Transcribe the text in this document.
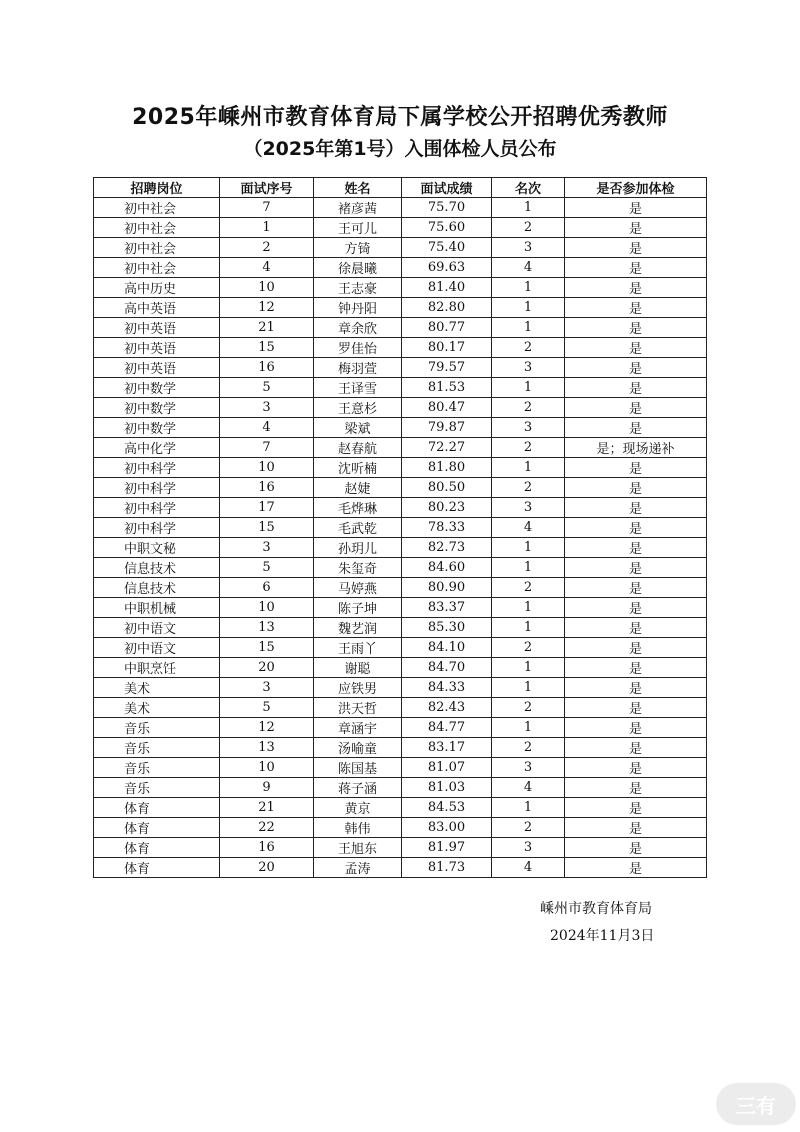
2025年嵊州市教育体育局下属学校公开招聘优秀教师
（2025年第1号）入围体检人员公布
招聘岗位	面试序号	姓名	面试成绩	名次	是否参加体检
初中社会	7	褚彦茜	75.70	1	是
初中社会	1	王可儿	75.60	2	是
初中社会	2	方锜	75.40	3	是
初中社会	4	徐晨曦	69.63	4	是
高中历史	10	王志豪	81.40	1	是
高中英语	12	钟丹阳	82.80	1	是
初中英语	21	章余欣	80.77	1	是
初中英语	15	罗佳怡	80.17	2	是
初中英语	16	梅羽萱	79.57	3	是
初中数学	5	王译雪	81.53	1	是
初中数学	3	王意杉	80.47	2	是
初中数学	4	梁斌	79.87	3	是
高中化学	7	赵春航	72.27	2	是；现场递补
初中科学	10	沈听楠	81.80	1	是
初中科学	16	赵婕	80.50	2	是
初中科学	17	毛烨琳	80.23	3	是
初中科学	15	毛武乾	78.33	4	是
中职文秘	3	孙玥儿	82.73	1	是
信息技术	5	朱玺奇	84.60	1	是
信息技术	6	马婷燕	80.90	2	是
中职机械	10	陈子坤	83.37	1	是
初中语文	13	魏艺润	85.30	1	是
初中语文	15	王雨丫	84.10	2	是
中职烹饪	20	谢聪	84.70	1	是
美术	3	应铁男	84.33	1	是
美术	5	洪天哲	82.43	2	是
音乐	12	章涵宇	84.77	1	是
音乐	13	汤喻童	83.17	2	是
音乐	10	陈国基	81.07	3	是
音乐	9	蒋子涵	81.03	4	是
体育	21	黄京	84.53	1	是
体育	22	韩伟	83.00	2	是
体育	16	王旭东	81.97	3	是
体育	20	孟涛	81.73	4	是
嵊州市教育体育局
2024年11月3日
三有
